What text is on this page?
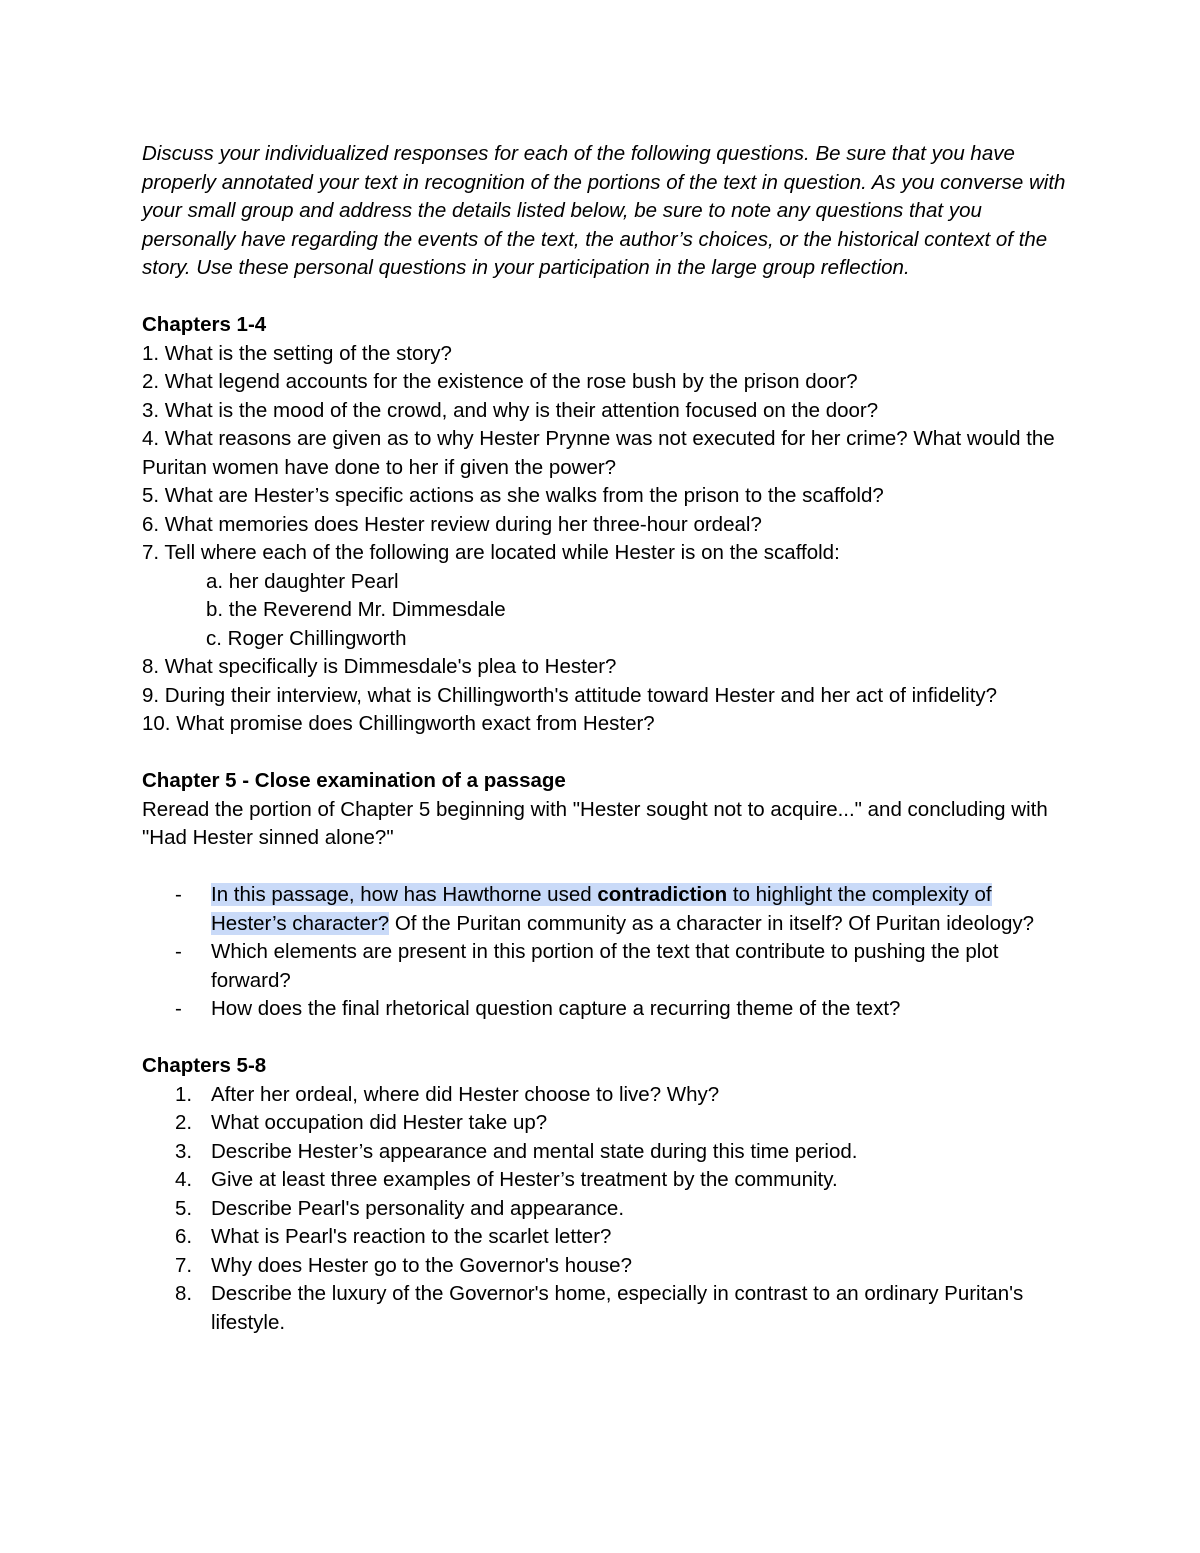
Discuss your individualized responses for each of the following questions. Be sure that you have properly annotated your text in recognition of the portions of the text in question. As you converse with your small group and address the details listed below, be sure to note any questions that you personally have regarding the events of the text, the author’s choices, or the historical context of the story. Use these personal questions in your participation in the large group reflection.

Chapters 1-4

1. What is the setting of the story?

2. What legend accounts for the existence of the rose bush by the prison door?

3. What is the mood of the crowd, and why is their attention focused on the door?

4. What reasons are given as to why Hester Prynne was not executed for her crime? What would the Puritan women have done to her if given the power?

5. What are Hester’s specific actions as she walks from the prison to the scaffold?

6. What memories does Hester review during her three-hour ordeal?

7. Tell where each of the following are located while Hester is on the scaffold:

a. her daughter Pearl
b. the Reverend Mr. Dimmesdale
c. Roger Chillingworth

8. What specifically is Dimmesdale's plea to Hester?

9. During their interview, what is Chillingworth's attitude toward Hester and her act of infidelity?

10. What promise does Chillingworth exact from Hester?

Chapter 5 - Close examination of a passage

Reread the portion of Chapter 5 beginning with "Hester sought not to acquire..." and concluding with "Had Hester sinned alone?"

- In this passage, how has Hawthorne used contradiction to highlight the complexity of Hester’s character? Of the Puritan community as a character in itself? Of Puritan ideology?
- Which elements are present in this portion of the text that contribute to pushing the plot forward?
- How does the final rhetorical question capture a recurring theme of the text?

Chapters 5-8

1. After her ordeal, where did Hester choose to live? Why?
2. What occupation did Hester take up?
3. Describe Hester’s appearance and mental state during this time period.
4. Give at least three examples of Hester’s treatment by the community.
5. Describe Pearl's personality and appearance.
6. What is Pearl's reaction to the scarlet letter?
7. Why does Hester go to the Governor's house?
8. Describe the luxury of the Governor's home, especially in contrast to an ordinary Puritan's lifestyle.
